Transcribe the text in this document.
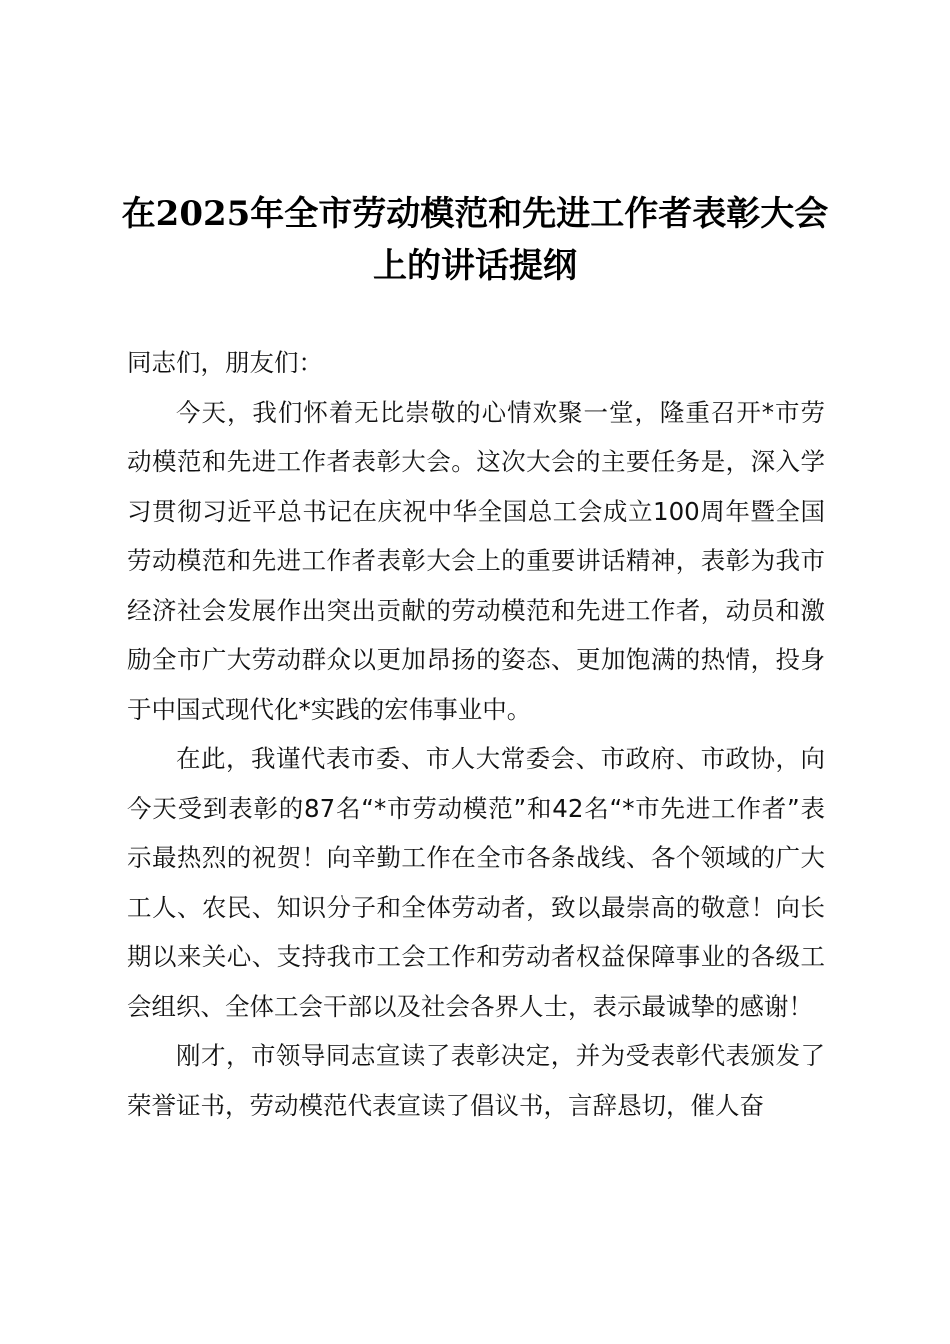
在2025年全市劳动模范和先进工作者表彰大会上的讲话提纲

同志们，朋友们：

今天，我们怀着无比崇敬的心情欢聚一堂，隆重召开*市劳动模范和先进工作者表彰大会。这次大会的主要任务是，深入学习贯彻习近平总书记在庆祝中华全国总工会成立100周年暨全国劳动模范和先进工作者表彰大会上的重要讲话精神，表彰为我市经济社会发展作出突出贡献的劳动模范和先进工作者，动员和激励全市广大劳动群众以更加昂扬的姿态、更加饱满的热情，投身于中国式现代化*实践的宏伟事业中。

在此，我谨代表市委、市人大常委会、市政府、市政协，向今天受到表彰的87名“*市劳动模范”和42名“*市先进工作者”表示最热烈的祝贺！向辛勤工作在全市各条战线、各个领域的广大工人、农民、知识分子和全体劳动者，致以最崇高的敬意！向长期以来关心、支持我市工会工作和劳动者权益保障事业的各级工会组织、全体工会干部以及社会各界人士，表示最诚挚的感谢！

刚才，市领导同志宣读了表彰决定，并为受表彰代表颁发了荣誉证书，劳动模范代表宣读了倡议书，言辞恳切，催人奋
